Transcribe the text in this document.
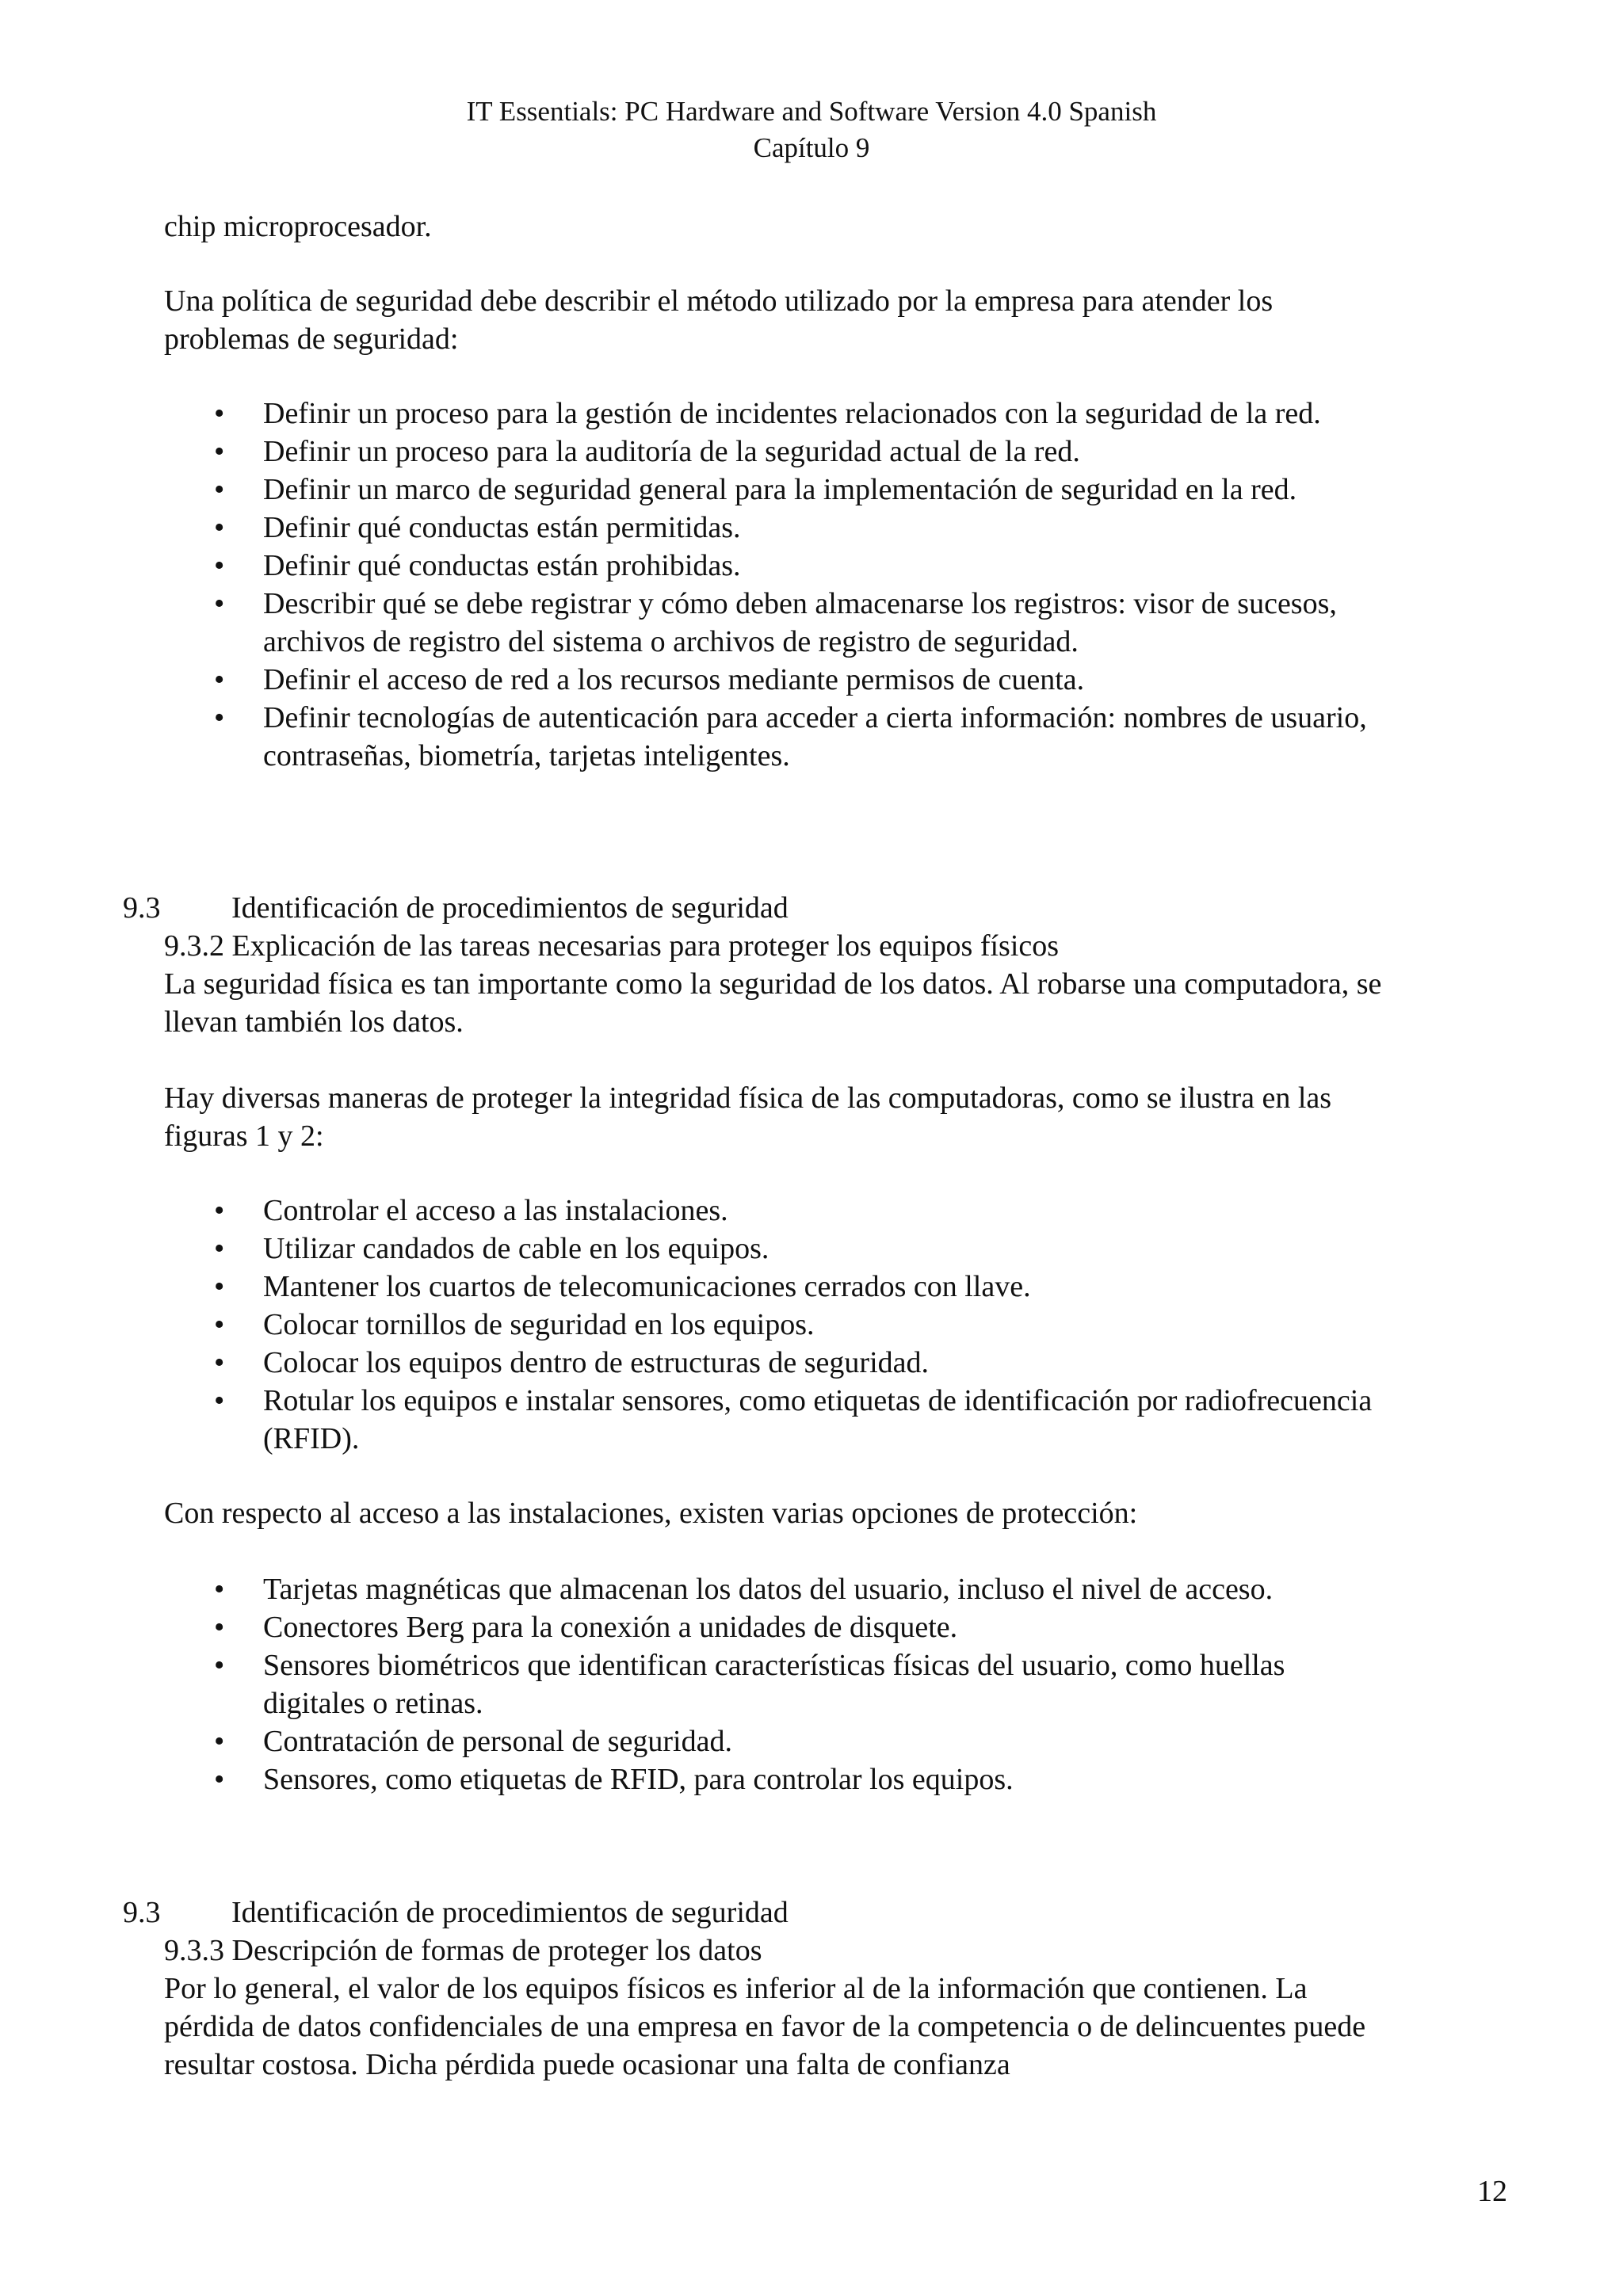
IT Essentials: PC Hardware and Software Version 4.0 Spanish
Capítulo 9

chip microprocesador.

Una política de seguridad debe describir el método utilizado por la empresa para atender los problemas de seguridad:

• Definir un proceso para la gestión de incidentes relacionados con la seguridad de la red.
• Definir un proceso para la auditoría de la seguridad actual de la red.
• Definir un marco de seguridad general para la implementación de seguridad en la red.
• Definir qué conductas están permitidas.
• Definir qué conductas están prohibidas.
• Describir qué se debe registrar y cómo deben almacenarse los registros: visor de sucesos, archivos de registro del sistema o archivos de registro de seguridad.
• Definir el acceso de red a los recursos mediante permisos de cuenta.
• Definir tecnologías de autenticación para acceder a cierta información: nombres de usuario, contraseñas, biometría, tarjetas inteligentes.

9.3 Identificación de procedimientos de seguridad

9.3.2 Explicación de las tareas necesarias para proteger los equipos físicos

La seguridad física es tan importante como la seguridad de los datos. Al robarse una computadora, se llevan también los datos.

Hay diversas maneras de proteger la integridad física de las computadoras, como se ilustra en las figuras 1 y 2:

• Controlar el acceso a las instalaciones.
• Utilizar candados de cable en los equipos.
• Mantener los cuartos de telecomunicaciones cerrados con llave.
• Colocar tornillos de seguridad en los equipos.
• Colocar los equipos dentro de estructuras de seguridad.
• Rotular los equipos e instalar sensores, como etiquetas de identificación por radiofrecuencia (RFID).

Con respecto al acceso a las instalaciones, existen varias opciones de protección:

• Tarjetas magnéticas que almacenan los datos del usuario, incluso el nivel de acceso.
• Conectores Berg para la conexión a unidades de disquete.
• Sensores biométricos que identifican características físicas del usuario, como huellas digitales o retinas.
• Contratación de personal de seguridad.
• Sensores, como etiquetas de RFID, para controlar los equipos.

9.3 Identificación de procedimientos de seguridad

9.3.3 Descripción de formas de proteger los datos

Por lo general, el valor de los equipos físicos es inferior al de la información que contienen. La pérdida de datos confidenciales de una empresa en favor de la competencia o de delincuentes puede resultar costosa. Dicha pérdida puede ocasionar una falta de confianza

12
